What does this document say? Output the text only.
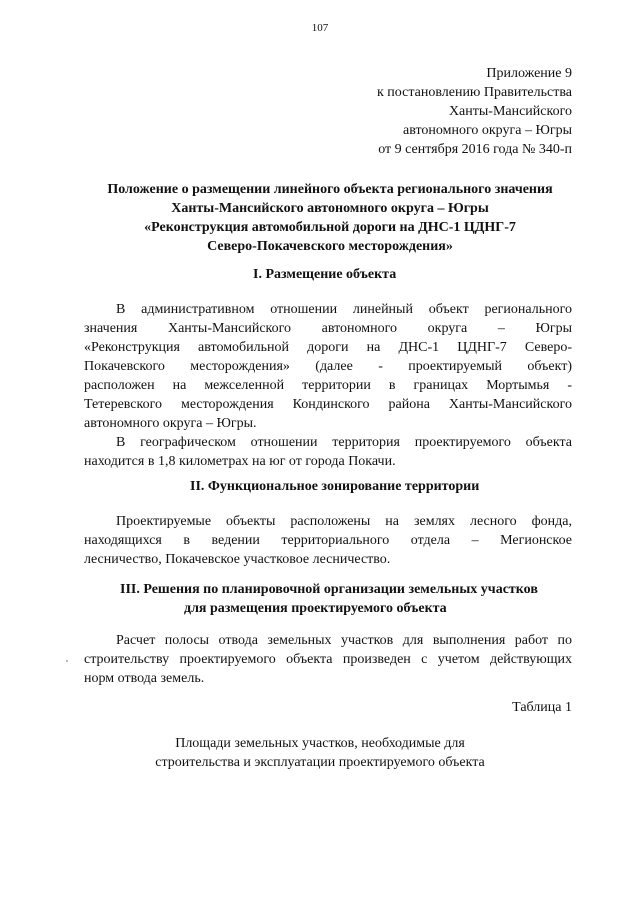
107
Приложение 9
к постановлению Правительства
Ханты-Мансийского
автономного округа – Югры
от 9 сентября 2016 года № 340-п
Положение о размещении линейного объекта регионального значения
Ханты-Мансийского автономного округа – Югры
«Реконструкция автомобильной дороги на ДНС-1 ЦДНГ-7
Северо-Покачевского месторождения»
I. Размещение объекта
В административном отношении линейный объект регионального
значения Ханты-Мансийского автономного округа – Югры
«Реконструкция автомобильной дороги на ДНС-1 ЦДНГ-7 Северо-
Покачевского месторождения» (далее - проектируемый объект)
расположен на межселенной территории в границах Мортымья -
Тетеревского месторождения Кондинского района Ханты-Мансийского
автономного округа – Югры.
В географическом отношении территория проектируемого объекта
находится в 1,8 километрах на юг от города Покачи.
II. Функциональное зонирование территории
Проектируемые объекты расположены на землях лесного фонда,
находящихся в ведении территориального отдела – Мегионское
лесничество, Покачевское участковое лесничество.
III. Решения по планировочной организации земельных участков
для размещения проектируемого объекта
Расчет полосы отвода земельных участков для выполнения работ по
строительству проектируемого объекта произведен с учетом действующих
норм отвода земель.
Таблица 1
Площади земельных участков, необходимые для
строительства и эксплуатации проектируемого объекта
